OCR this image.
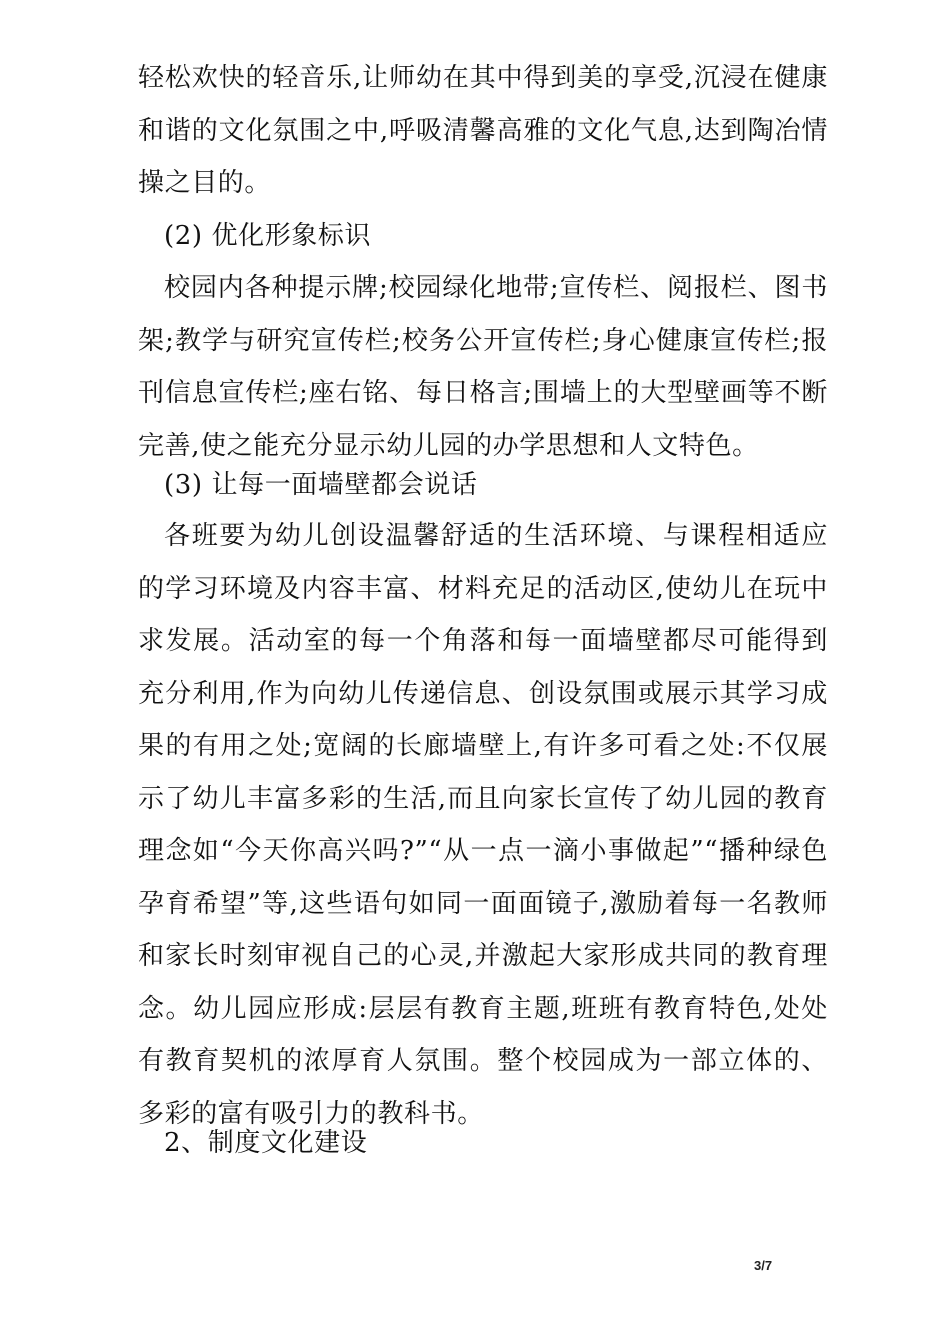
轻松欢快的轻音乐,让师幼在其中得到美的享受,沉浸在健康和谐的文化氛围之中,呼吸清馨高雅的文化气息,达到陶冶情操之目的。

(2) 优化形象标识

校园内各种提示牌;校园绿化地带;宣传栏、阅报栏、图书架;教学与研究宣传栏;校务公开宣传栏;身心健康宣传栏;报刊信息宣传栏;座右铭、每日格言;围墙上的大型壁画等不断完善,使之能充分显示幼儿园的办学思想和人文特色。

(3) 让每一面墙壁都会说话

各班要为幼儿创设温馨舒适的生活环境、与课程相适应的学习环境及内容丰富、材料充足的活动区,使幼儿在玩中求发展。活动室的每一个角落和每一面墙壁都尽可能得到充分利用,作为向幼儿传递信息、创设氛围或展示其学习成果的有用之处;宽阔的长廊墙壁上,有许多可看之处:不仅展示了幼儿丰富多彩的生活,而且向家长宣传了幼儿园的教育理念如“今天你高兴吗?”“从一点一滴小事做起”“播种绿色孕育希望”等,这些语句如同一面面镜子,激励着每一名教师和家长时刻审视自己的心灵,并激起大家形成共同的教育理念。幼儿园应形成:层层有教育主题,班班有教育特色,处处有教育契机的浓厚育人氛围。整个校园成为一部立体的、多彩的富有吸引力的教科书。

2、制度文化建设

3/7
